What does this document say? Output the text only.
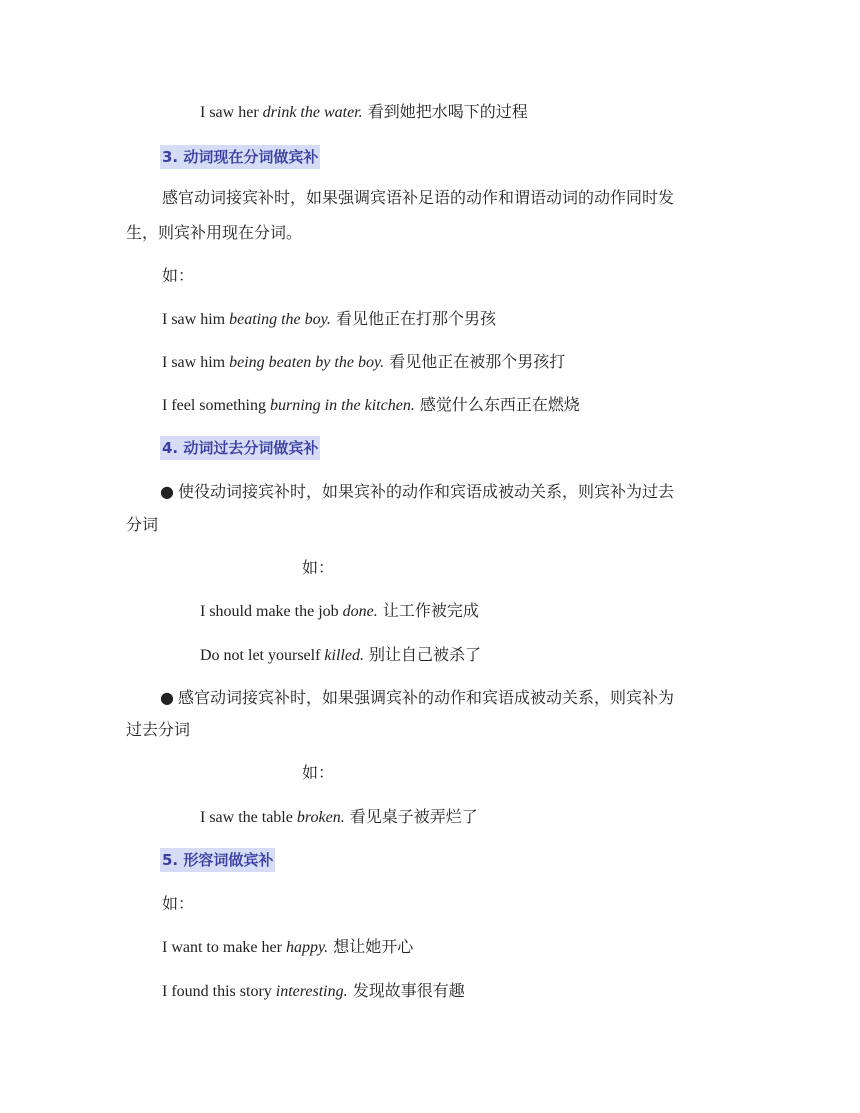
I saw her drink the water. 看到她把水喝下的过程
3. 动词现在分词做宾补
感官动词接宾补时，如果强调宾语补足语的动作和谓语动词的动作同时发
生，则宾补用现在分词。
如：
I saw him beating the boy. 看见他正在打那个男孩
I saw him being beaten by the boy. 看见他正在被那个男孩打
I feel something burning in the kitchen. 感觉什么东西正在燃烧
4. 动词过去分词做宾补
● 使役动词接宾补时，如果宾补的动作和宾语成被动关系，则宾补为过去
分词
如：
I should make the job done. 让工作被完成
Do not let yourself killed. 别让自己被杀了
● 感官动词接宾补时，如果强调宾补的动作和宾语成被动关系，则宾补为
过去分词
如：
I saw the table broken. 看见桌子被弄烂了
5. 形容词做宾补
如：
I want to make her happy. 想让她开心
I found this story interesting. 发现故事很有趣
